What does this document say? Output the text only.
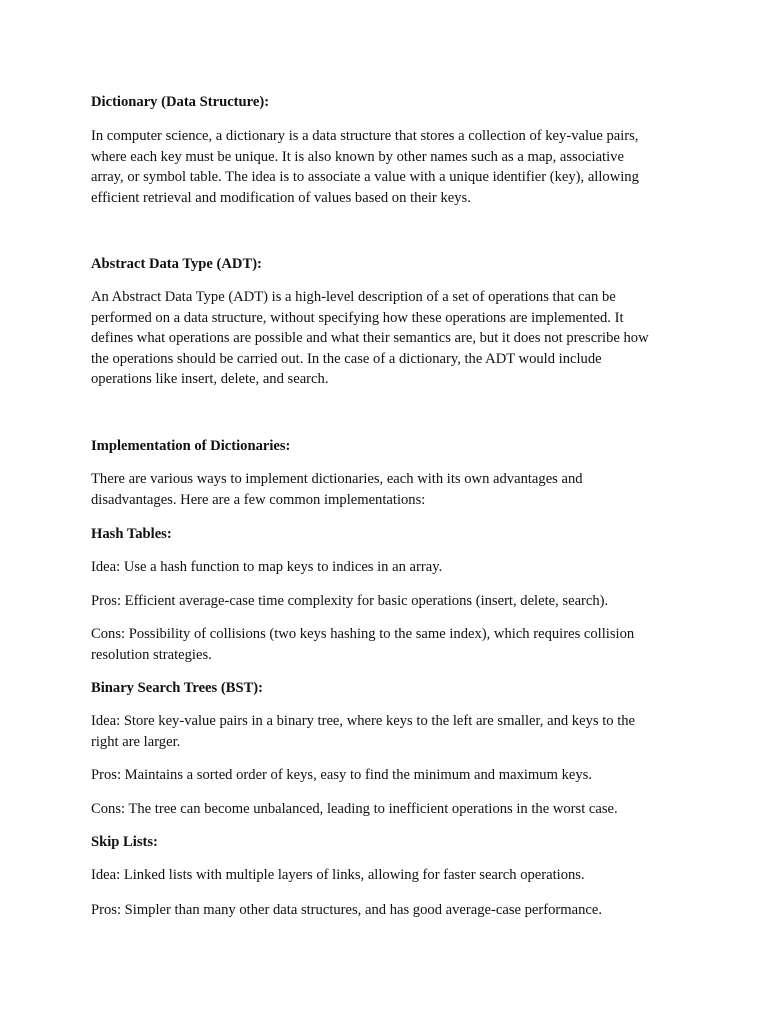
Dictionary (Data Structure):

In computer science, a dictionary is a data structure that stores a collection of key-value pairs,
where each key must be unique. It is also known by other names such as a map, associative
array, or symbol table. The idea is to associate a value with a unique identifier (key), allowing
efficient retrieval and modification of values based on their keys.

Abstract Data Type (ADT):

An Abstract Data Type (ADT) is a high-level description of a set of operations that can be
performed on a data structure, without specifying how these operations are implemented. It
defines what operations are possible and what their semantics are, but it does not prescribe how
the operations should be carried out. In the case of a dictionary, the ADT would include
operations like insert, delete, and search.

Implementation of Dictionaries:

There are various ways to implement dictionaries, each with its own advantages and
disadvantages. Here are a few common implementations:

Hash Tables:

Idea: Use a hash function to map keys to indices in an array.

Pros: Efficient average-case time complexity for basic operations (insert, delete, search).

Cons: Possibility of collisions (two keys hashing to the same index), which requires collision
resolution strategies.

Binary Search Trees (BST):

Idea: Store key-value pairs in a binary tree, where keys to the left are smaller, and keys to the
right are larger.

Pros: Maintains a sorted order of keys, easy to find the minimum and maximum keys.

Cons: The tree can become unbalanced, leading to inefficient operations in the worst case.

Skip Lists:

Idea: Linked lists with multiple layers of links, allowing for faster search operations.

Pros: Simpler than many other data structures, and has good average-case performance.
